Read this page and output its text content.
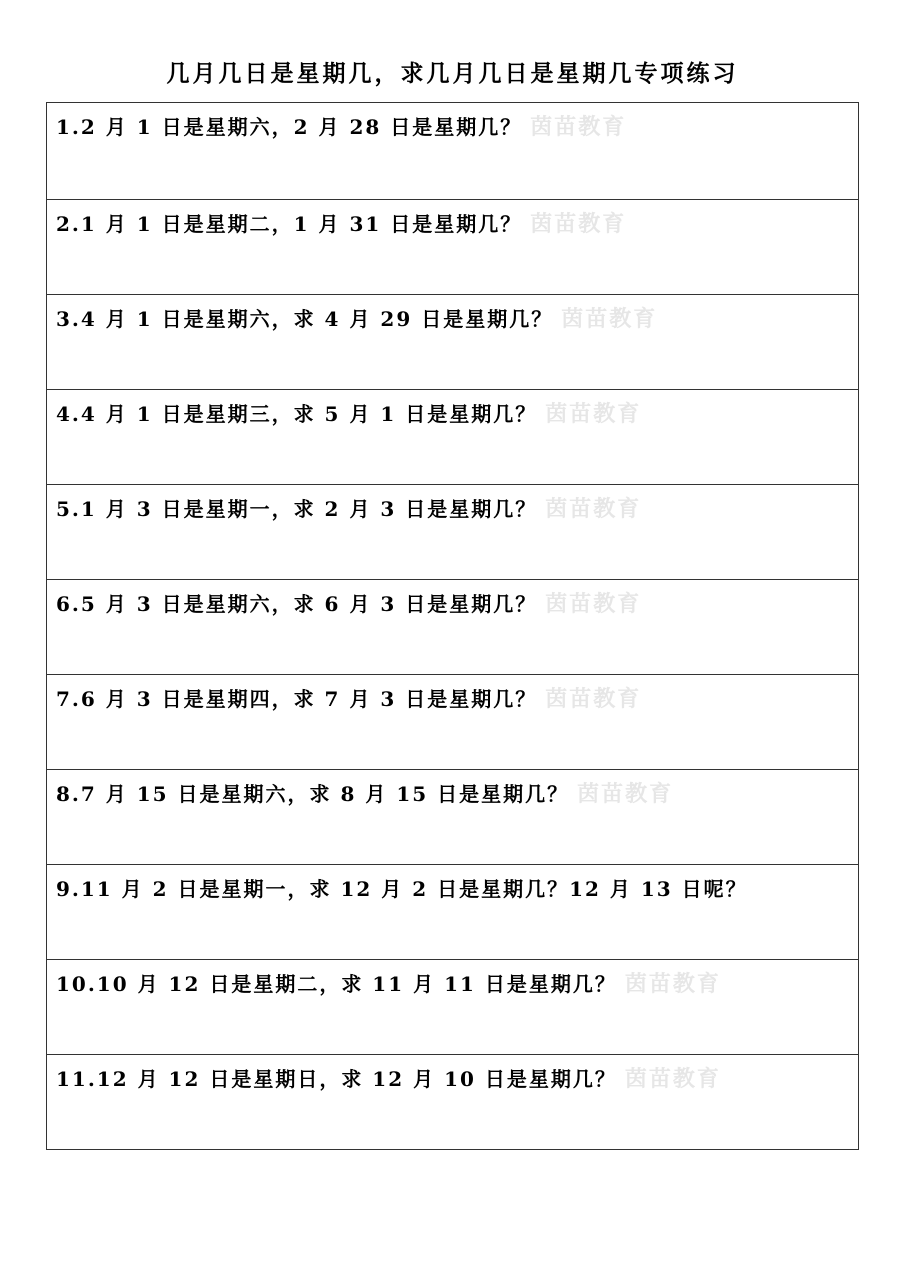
几月几日是星期几，求几月几日是星期几专项练习
1.2 月 1 日是星期六，2 月 28 日是星期几？ 茵苗教育
2.1 月 1 日是星期二，1 月 31 日是星期几？ 茵苗教育
3.4 月 1 日是星期六，求 4 月 29 日是星期几？ 茵苗教育
4.4 月 1 日是星期三，求 5 月 1 日是星期几？ 茵苗教育
5.1 月 3 日是星期一，求 2 月 3 日是星期几？ 茵苗教育
6.5 月 3 日是星期六，求 6 月 3 日是星期几？ 茵苗教育
7.6 月 3 日是星期四，求 7 月 3 日是星期几？ 茵苗教育
8.7 月 15 日是星期六，求 8 月 15 日是星期几？ 茵苗教育
9.11 月 2 日是星期一，求 12 月 2 日是星期几？12 月 13 日呢？
10.10 月 12 日是星期二，求 11 月 11 日是星期几？ 茵苗教育
11.12 月 12 日是星期日，求 12 月 10 日是星期几？ 茵苗教育
